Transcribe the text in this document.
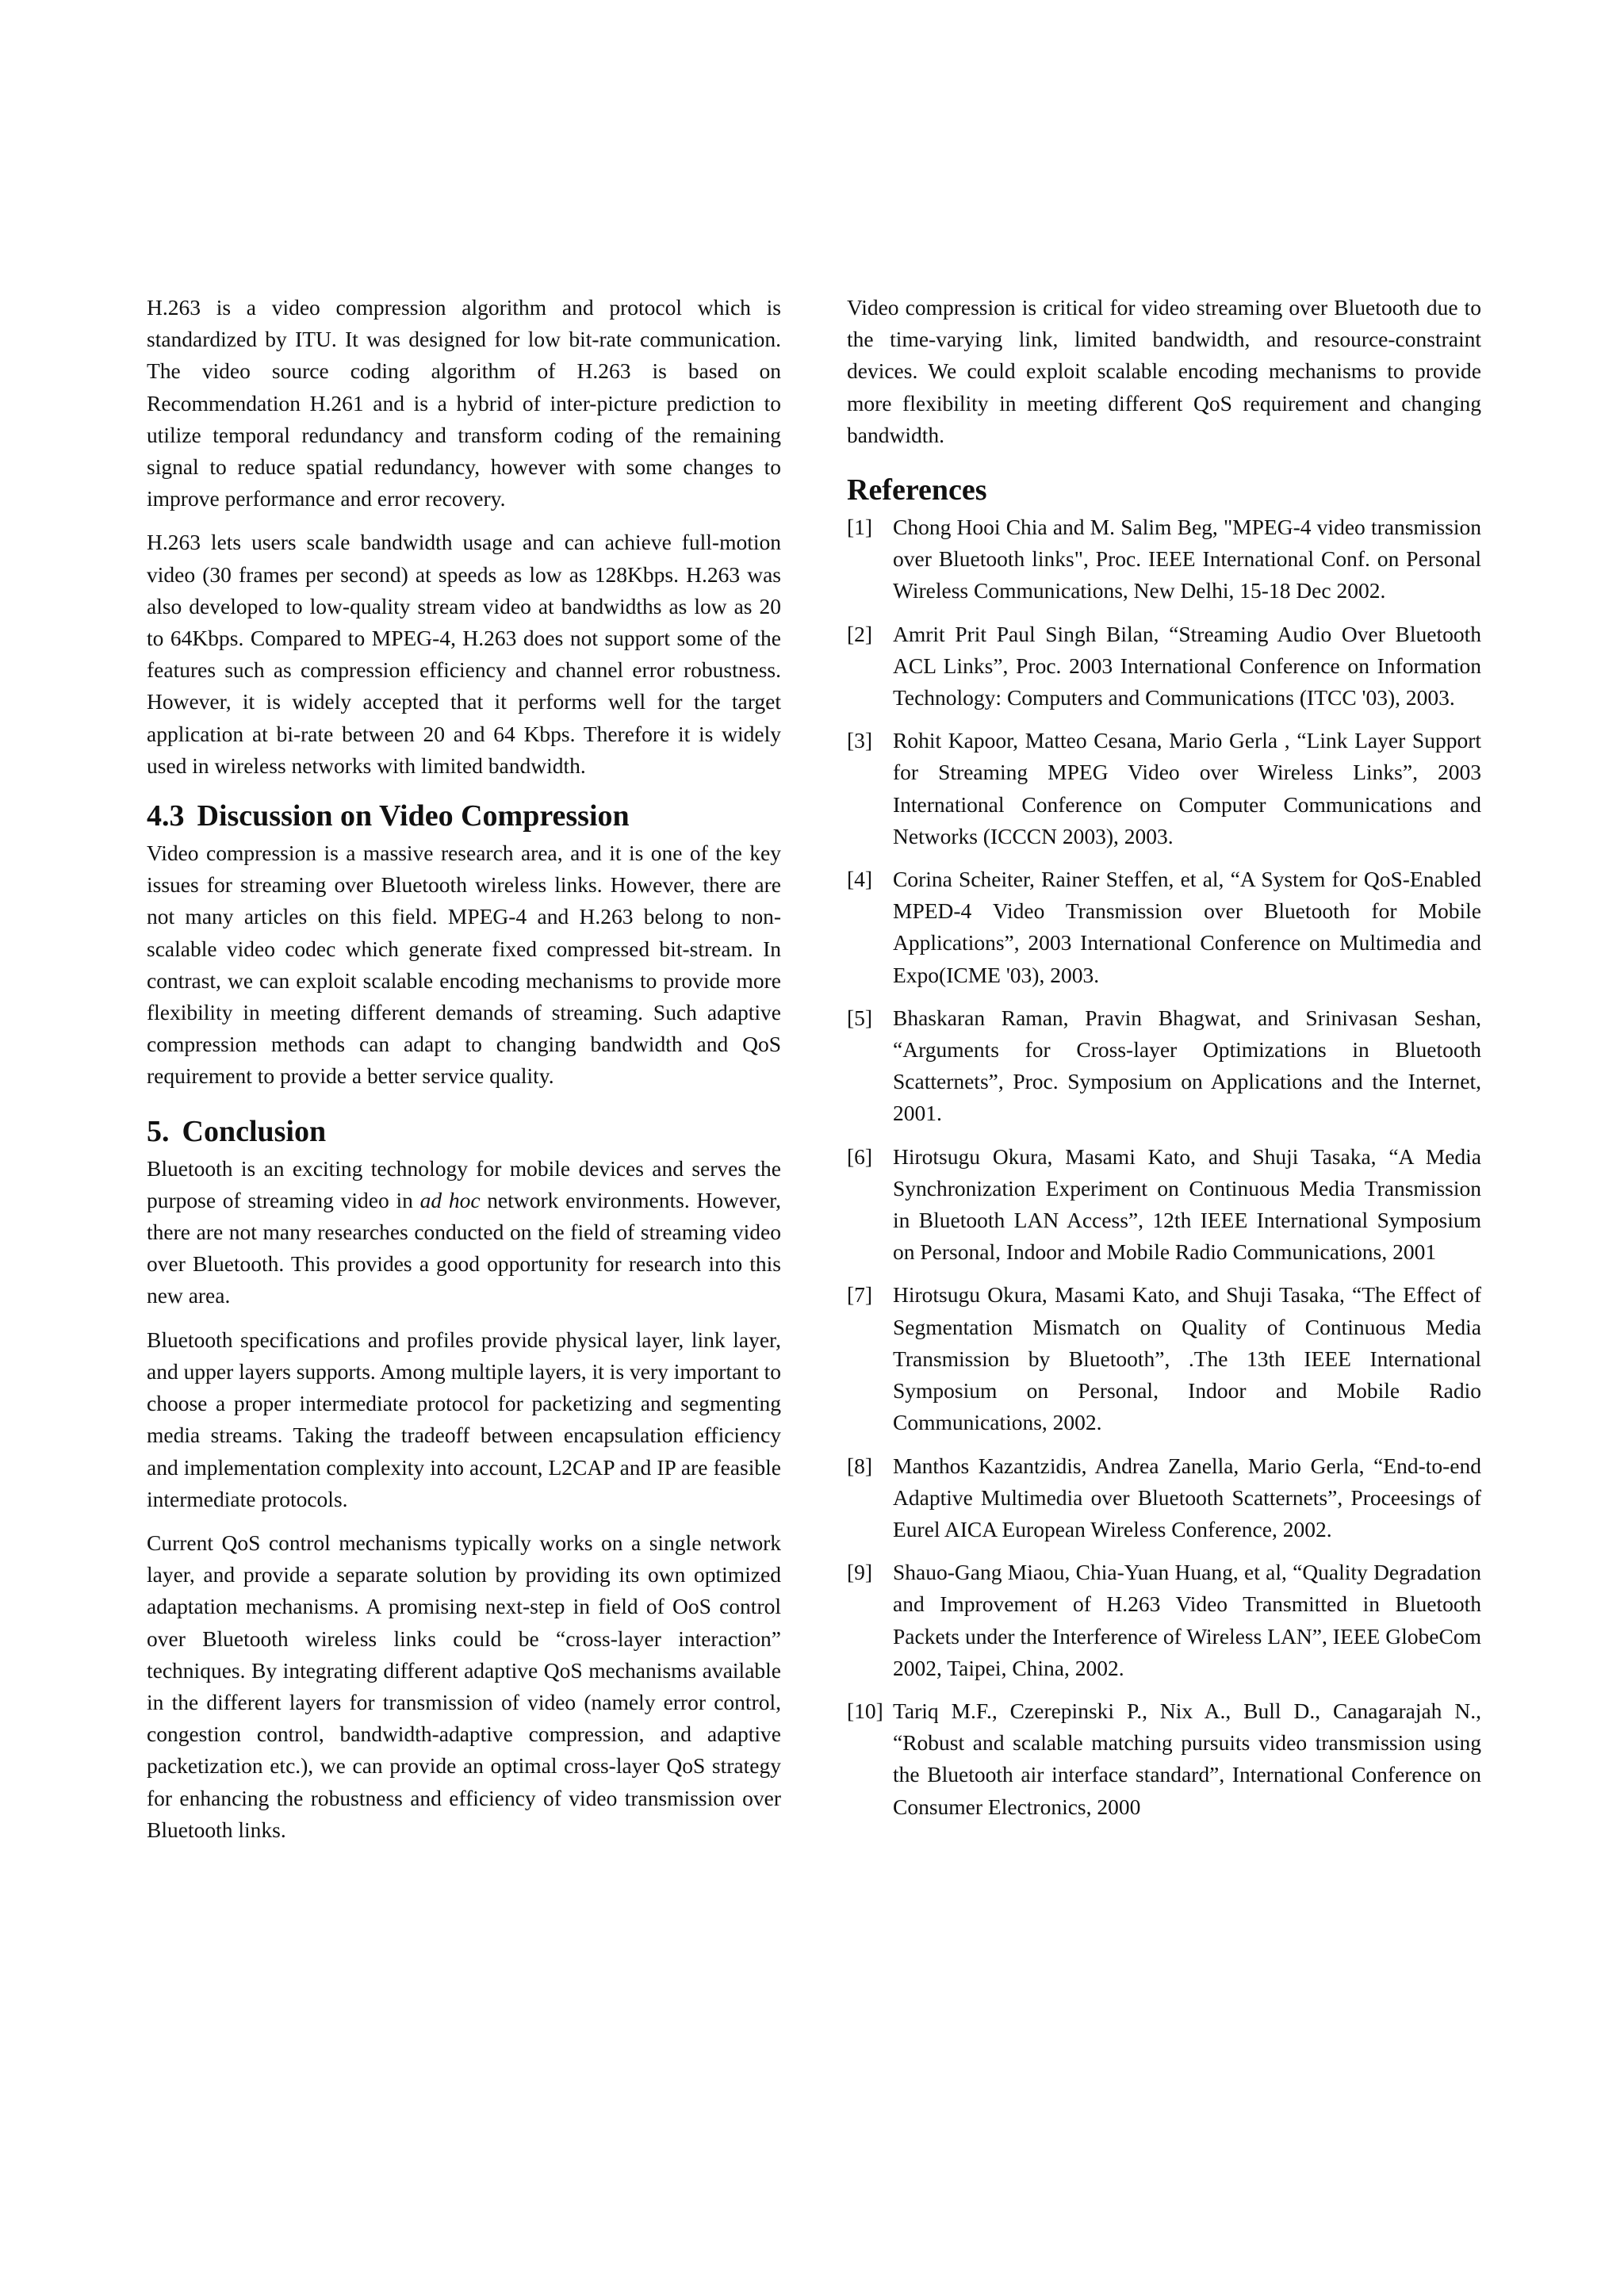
H.263 is a video compression algorithm and protocol which is standardized by ITU. It was designed for low bit-rate communication. The video source coding algorithm of H.263 is based on Recommendation H.261 and is a hybrid of inter-picture prediction to utilize temporal redundancy and transform coding of the remaining signal to reduce spatial redundancy, however with some changes to improve performance and error recovery.

H.263 lets users scale bandwidth usage and can achieve full-motion video (30 frames per second) at speeds as low as 128Kbps. H.263 was also developed to low-quality stream video at bandwidths as low as 20 to 64Kbps. Compared to MPEG-4, H.263 does not support some of the features such as compression efficiency and channel error robustness. However, it is widely accepted that it performs well for the target application at bi-rate between 20 and 64 Kbps. Therefore it is widely used in wireless networks with limited bandwidth.

4.3 Discussion on Video Compression

Video compression is a massive research area, and it is one of the key issues for streaming over Bluetooth wireless links. However, there are not many articles on this field. MPEG-4 and H.263 belong to non-scalable video codec which generate fixed compressed bit-stream. In contrast, we can exploit scalable encoding mechanisms to provide more flexibility in meeting different demands of streaming. Such adaptive compression methods can adapt to changing bandwidth and QoS requirement to provide a better service quality.

5. Conclusion

Bluetooth is an exciting technology for mobile devices and serves the purpose of streaming video in ad hoc network environments. However, there are not many researches conducted on the field of streaming video over Bluetooth. This provides a good opportunity for research into this new area.

Bluetooth specifications and profiles provide physical layer, link layer, and upper layers supports. Among multiple layers, it is very important to choose a proper intermediate protocol for packetizing and segmenting media streams. Taking the tradeoff between encapsulation efficiency and implementation complexity into account, L2CAP and IP are feasible intermediate protocols.

Current QoS control mechanisms typically works on a single network layer, and provide a separate solution by providing its own optimized adaptation mechanisms. A promising next-step in field of OoS control over Bluetooth wireless links could be “cross-layer interaction” techniques. By integrating different adaptive QoS mechanisms available in the different layers for transmission of video (namely error control, congestion control, bandwidth-adaptive compression, and adaptive packetization etc.), we can provide an optimal cross-layer QoS strategy for enhancing the robustness and efficiency of video transmission over Bluetooth links.

Video compression is critical for video streaming over Bluetooth due to the time-varying link, limited bandwidth, and resource-constraint devices. We could exploit scalable encoding mechanisms to provide more flexibility in meeting different QoS requirement and changing bandwidth.

References
[1] Chong Hooi Chia and M. Salim Beg, "MPEG-4 video transmission over Bluetooth links", Proc. IEEE International Conf. on Personal Wireless Communications, New Delhi, 15-18 Dec 2002.
[2] Amrit Prit Paul Singh Bilan, “Streaming Audio Over Bluetooth ACL Links”, Proc. 2003 International Conference on Information Technology: Computers and Communications (ITCC '03), 2003.
[3] Rohit Kapoor, Matteo Cesana, Mario Gerla , “Link Layer Support for Streaming MPEG Video over Wireless Links”, 2003 International Conference on Computer Communications and Networks (ICCCN 2003), 2003.
[4] Corina Scheiter, Rainer Steffen, et al, “A System for QoS-Enabled MPED-4 Video Transmission over Bluetooth for Mobile Applications”, 2003 International Conference on Multimedia and Expo(ICME '03), 2003.
[5] Bhaskaran Raman, Pravin Bhagwat, and Srinivasan Seshan, “Arguments for Cross-layer Optimizations in Bluetooth Scatternets”, Proc. Symposium on Applications and the Internet, 2001.
[6] Hirotsugu Okura, Masami Kato, and Shuji Tasaka, “A Media Synchronization Experiment on Continuous Media Transmission in Bluetooth LAN Access”, 12th IEEE International Symposium on Personal, Indoor and Mobile Radio Communications, 2001
[7] Hirotsugu Okura, Masami Kato, and Shuji Tasaka, “The Effect of Segmentation Mismatch on Quality of Continuous Media Transmission by Bluetooth”, .The 13th IEEE International Symposium on Personal, Indoor and Mobile Radio Communications, 2002.
[8] Manthos Kazantzidis, Andrea Zanella, Mario Gerla, “End-to-end Adaptive Multimedia over Bluetooth Scatternets”, Proceesings of Eurel AICA European Wireless Conference, 2002.
[9] Shauo-Gang Miaou, Chia-Yuan Huang, et al, “Quality Degradation and Improvement of H.263 Video Transmitted in Bluetooth Packets under the Interference of Wireless LAN”, IEEE GlobeCom 2002, Taipei, China, 2002.
[10] Tariq M.F., Czerepinski P., Nix A., Bull D., Canagarajah N., “Robust and scalable matching pursuits video transmission using the Bluetooth air interface standard”, International Conference on Consumer Electronics, 2000
